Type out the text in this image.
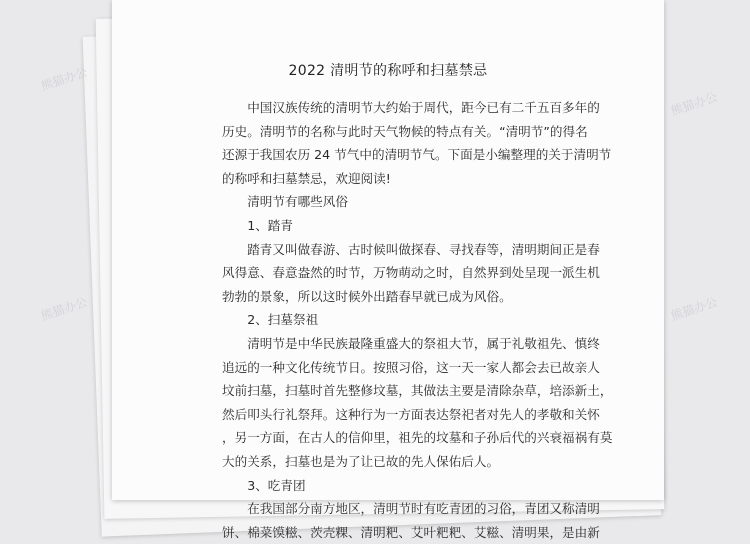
2022 清明节的称呼和扫墓禁忌
中国汉族传统的清明节大约始于周代，距今已有二千五百多年的
历史。清明节的名称与此时天气物候的特点有关。“清明节”的得名
还源于我国农历 24 节气中的清明节气。下面是小编整理的关于清明节
的称呼和扫墓禁忌，欢迎阅读!
清明节有哪些风俗
1、踏青
踏青又叫做春游、古时候叫做探春、寻找春等，清明期间正是春
风得意、春意盎然的时节，万物萌动之时，自然界到处呈现一派生机
勃勃的景象，所以这时候外出踏春早就已成为风俗。
2、扫墓祭祖
清明节是中华民族最隆重盛大的祭祖大节，属于礼敬祖先、慎终
追远的一种文化传统节日。按照习俗，这一天一家人都会去已故亲人
坟前扫墓，扫墓时首先整修坟墓，其做法主要是清除杂草，培添新土，
然后叩头行礼祭拜。这种行为一方面表达祭祀者对先人的孝敬和关怀
，另一方面，在古人的信仰里，祖先的坟墓和子孙后代的兴衰福祸有莫
大的关系，扫墓也是为了让已故的先人保佑后人。
3、吃青团
在我国部分南方地区，清明节时有吃青团的习俗，青团又称清明
饼、棉菜馍糍、茨壳粿、清明粑、艾叶粑粑、艾糍、清明果，是由新
熊猫办公
熊猫办公
熊猫办公
熊猫办公
